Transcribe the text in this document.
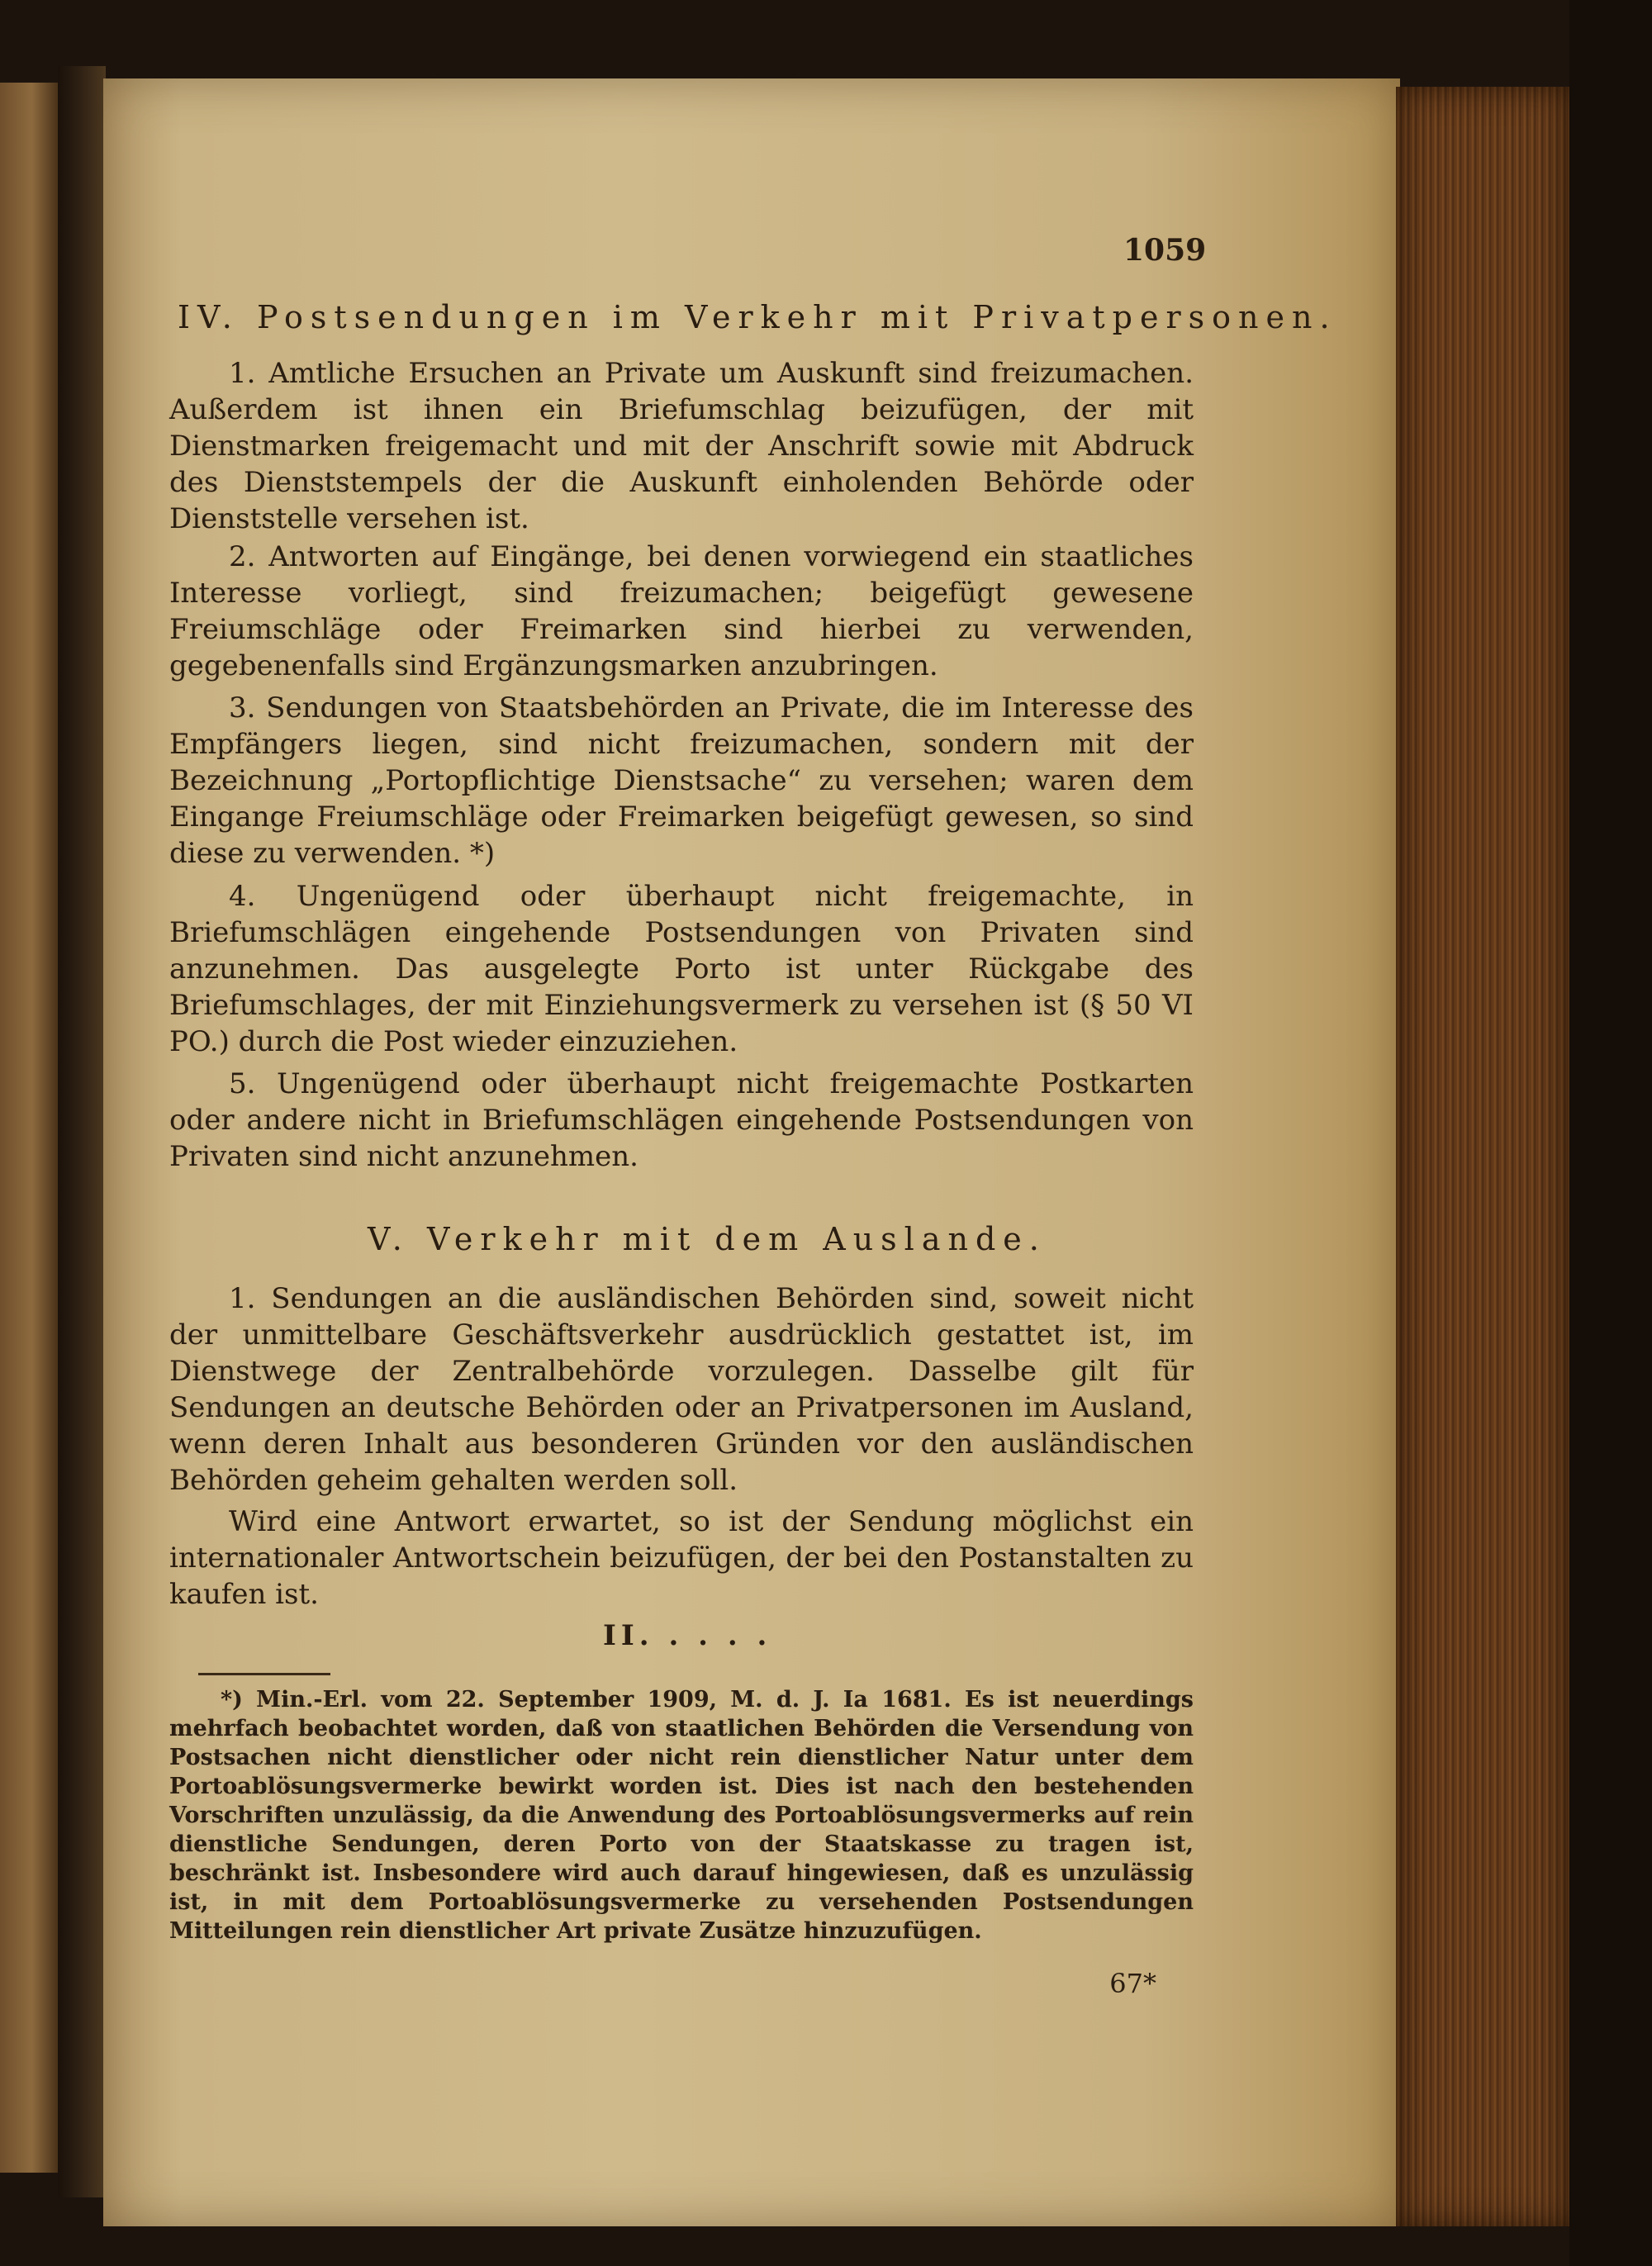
1059
IV. Postsendungen im Verkehr mit Privatpersonen.

1. Amtliche Ersuchen an Private um Auskunft sind freizumachen. Außerdem ist ihnen ein Briefumschlag beizufügen, der mit Dienstmarken freigemacht und mit der Anschrift sowie mit Abdruck des Dienststempels der die Auskunft einholenden Behörde oder Dienststelle versehen ist.

2. Antworten auf Eingänge, bei denen vorwiegend ein staatliches Interesse vorliegt, sind freizumachen; beigefügt gewesene Freiumschläge oder Freimarken sind hierbei zu verwenden, gegebenenfalls sind Ergänzungsmarken anzubringen.

3. Sendungen von Staatsbehörden an Private, die im Interesse des Empfängers liegen, sind nicht freizumachen, sondern mit der Bezeichnung „Portopflichtige Dienstsache“ zu versehen; waren dem Eingange Freiumschläge oder Freimarken beigefügt gewesen, so sind diese zu verwenden. *)

4. Ungenügend oder überhaupt nicht freigemachte, in Briefumschlägen eingehende Postsendungen von Privaten sind anzunehmen. Das ausgelegte Porto ist unter Rückgabe des Briefumschlages, der mit Einziehungsvermerk zu versehen ist (§ 50 VI PO.) durch die Post wieder einzuziehen.

5. Ungenügend oder überhaupt nicht freigemachte Postkarten oder andere nicht in Briefumschlägen eingehende Postsendungen von Privaten sind nicht anzunehmen.

V. Verkehr mit dem Auslande.

1. Sendungen an die ausländischen Behörden sind, soweit nicht der unmittelbare Geschäftsverkehr ausdrücklich gestattet ist, im Dienstwege der Zentralbehörde vorzulegen. Dasselbe gilt für Sendungen an deutsche Behörden oder an Privatpersonen im Ausland, wenn deren Inhalt aus besonderen Gründen vor den ausländischen Behörden geheim gehalten werden soll.

Wird eine Antwort erwartet, so ist der Sendung möglichst ein internationaler Antwortschein beizufügen, der bei den Postanstalten zu kaufen ist.

II. . . . .

*) Min.-Erl. vom 22. September 1909, M. d. J. Ia 1681. Es ist neuerdings mehrfach beobachtet worden, daß von staatlichen Behörden die Versendung von Postsachen nicht dienstlicher oder nicht rein dienstlicher Natur unter dem Portoablösungsvermerke bewirkt worden ist. Dies ist nach den bestehenden Vorschriften unzulässig, da die Anwendung des Portoablösungsvermerks auf rein dienstliche Sendungen, deren Porto von der Staatskasse zu tragen ist, beschränkt ist. Insbesondere wird auch darauf hingewiesen, daß es unzulässig ist, in mit dem Portoablösungsvermerke zu versehenden Postsendungen Mitteilungen rein dienstlicher Art private Zusätze hinzuzufügen.

67*
